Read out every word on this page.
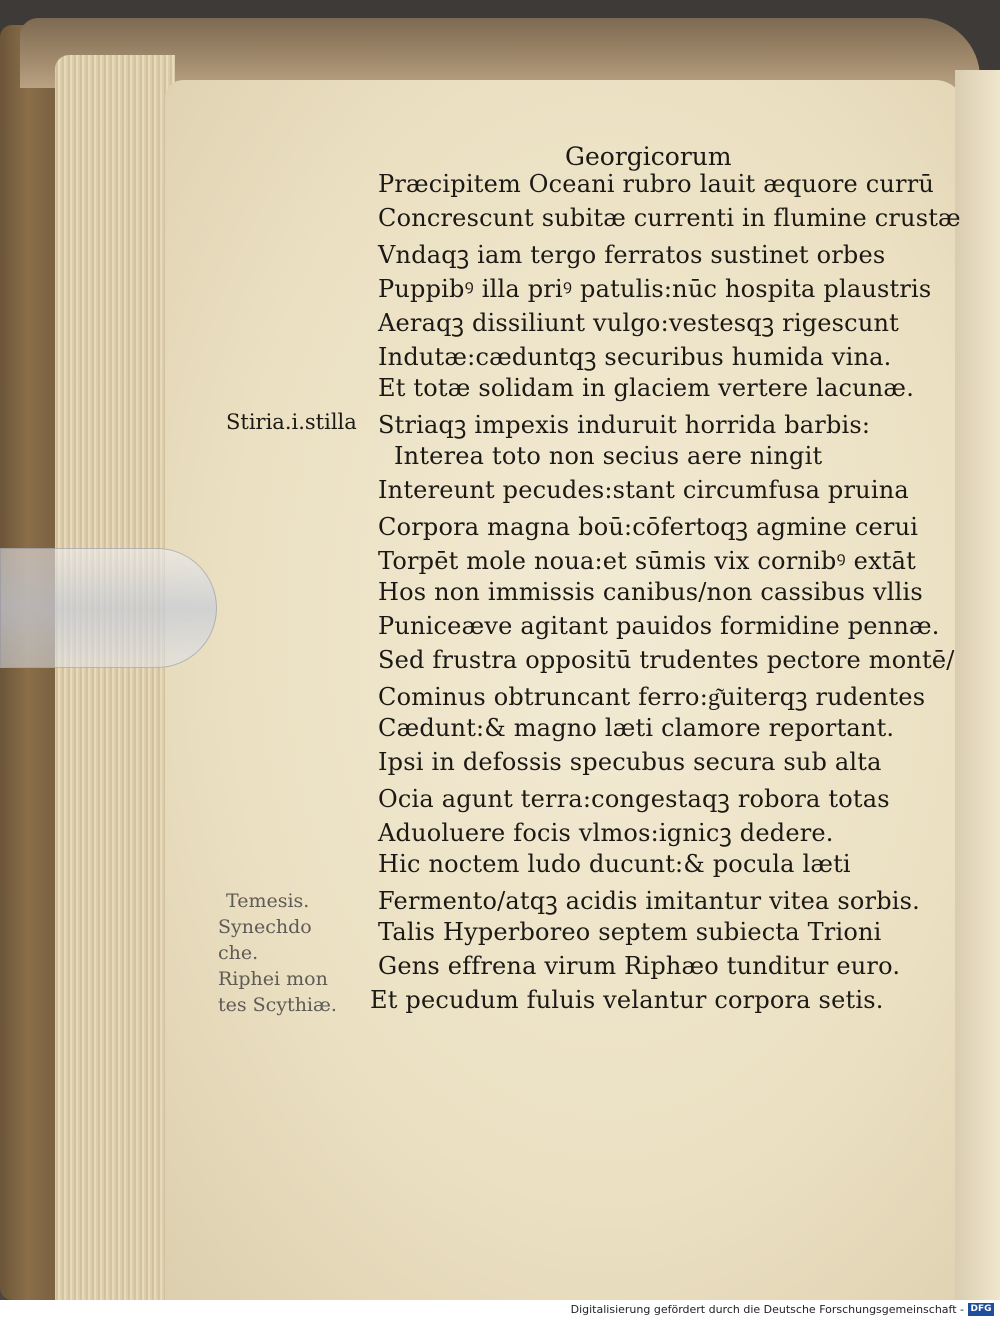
Georgicorum
Præcipitem Oceani rubro lauit æquore currū
Concrescunt subitæ currenti in flumine crustæ
Vndaqꝫ iam tergo ferratos sustinet orbes
Puppibꝰ illa priꝰ patulis:nūc hospita plaustris
Aeraqꝫ dissiliunt vulgo:vestesqꝫ rigescunt
Indutæ:cæduntqꝫ securibus humida vina.
Et totæ solidam in glaciem vertere lacunæ.
Striaqꝫ impexis induruit horrida barbis:
Interea toto non secius aere ningit
Intereunt pecudes:stant circumfusa pruina
Corpora magna boū:cōfertoqꝫ agmine cerui
Torpēt mole noua:et sūmis vix cornibꝰ extāt
Hos non immissis canibus/non cassibus vllis
Puniceæve agitant pauidos formidine pennæ.
Sed frustra oppositū trudentes pectore montē/
Cominus obtruncant ferro:g͂uiterqꝫ rudentes
Cædunt:& magno læti clamore reportant.
Ipsi in defossis specubus secura sub alta
Ocia agunt terra:congestaqꝫ robora totas
Aduoluere focis vlmos:ignicꝫ dedere.
Hic noctem ludo ducunt:& pocula læti
Fermento/atqꝫ acidis imitantur vitea sorbis.
Talis Hyperboreo septem subiecta Trioni
Gens effrena virum Riphæo tunditur euro.
Et pecudum fuluis velantur corpora setis.
Stiria.i.stilla
Temesis.
Synechdo
che.
Riphei mon
tes Scythiæ.
Digitalisierung gefördert durch die Deutsche Forschungsgemeinschaft - DFG
